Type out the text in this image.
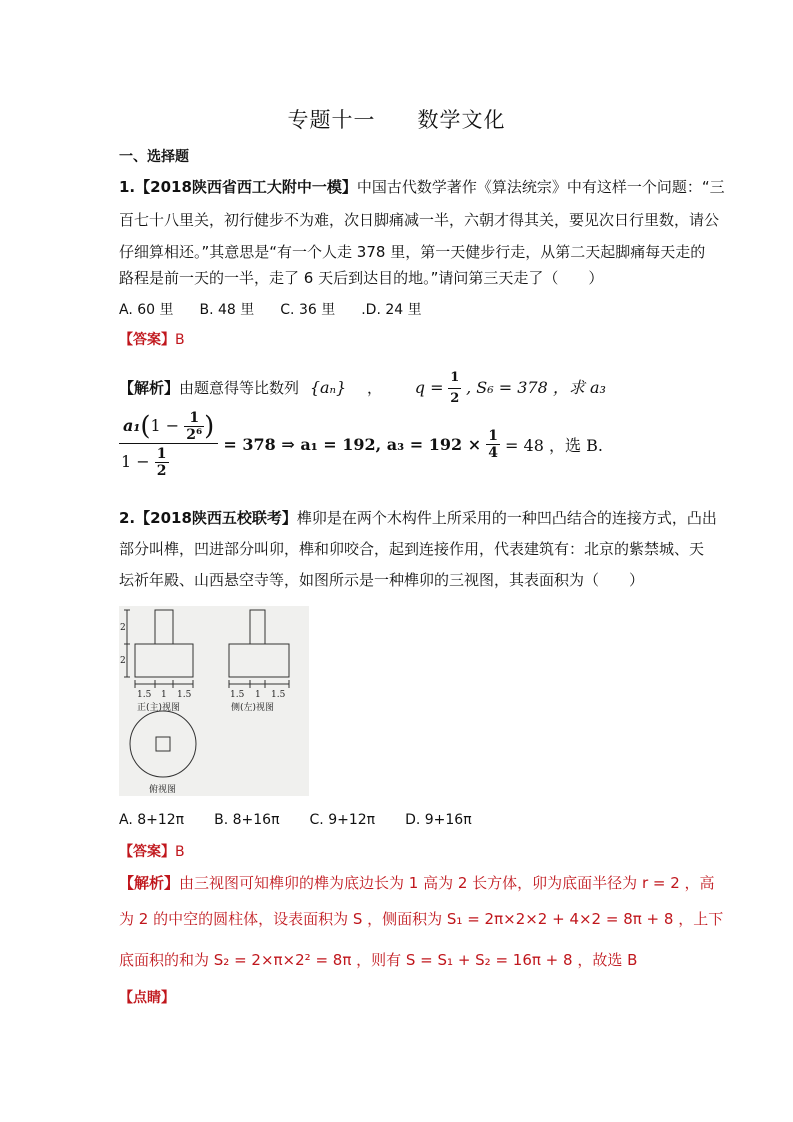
专题十一 数学文化
一、选择题
1.【2018陕西省西工大附中一模】中国古代数学著作《算法统宗》中有这样一个问题：“三
百七十八里关，初行健步不为难，次日脚痛减一半，六朝才得其关，要见次日行里数，请公
仔细算相还。”其意思是“有一个人走 378 里，第一天健步行走，从第二天起脚痛每天走的
路程是前一天的一半，走了 6 天后到达目的地。”请问第三天走了（　　）
A. 60 里 B. 48 里 C. 36 里 .D. 24 里
【答案】B
【解析】由题意得等比数列 {aₙ} ， $q = \frac{1}{2}$ , S₆ = 378 ，求 a₃
$\frac{a_1(1 - \frac{1}{\text{2⁶}} )}{1 - \frac{1}{2}} = 378$ ⇒ a₁ = 192, $a_3 = 192 \times \frac{1}{4} = 48$ ，选 B.
2.【2018陕西五校联考】榫卯是在两个木构件上所采用的一种凹凸结合的连接方式，凸出
部分叫榫，凹进部分叫卯，榫和卯咬合，起到连接作用，代表建筑有：北京的紫禁城、天
坛祈年殿、山西悬空寺等，如图所示是一种榫卯的三视图，其表面积为（　　）
2
2
1.5 1 1.5	1.5 1 1.5
正(主)视图	侧(左)视图
俯视图
A. 8+12π B. 8+16π C. 9+12π D. 9+16π
【答案】B
【解析】由三视图可知榫卯的榫为底边长为 1 高为 2 长方体，卯为底面半径为 r = 2 ，高
为 2 的中空的圆柱体，设表面积为 S ，侧面积为 S₁ = 2π×2×2 + 4×2 = 8π + 8 ，上下
底面积的和为 S₂ = 2×π×2² = 8π ，则有 S = S₁ + S₂ = 16π + 8 ，故选 B
【点睛】
